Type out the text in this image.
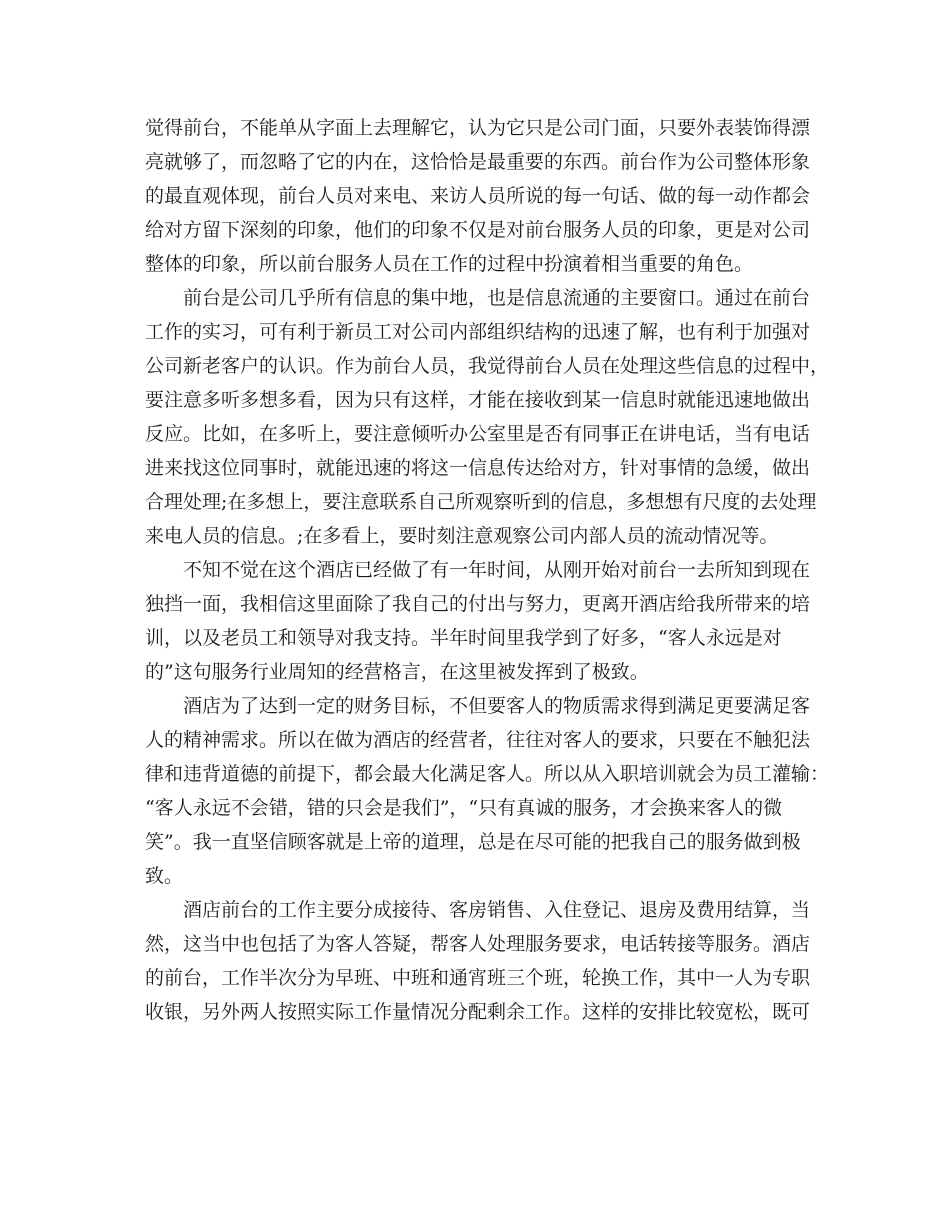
觉得前台，不能单从字面上去理解它，认为它只是公司门面，只要外表装饰得漂
亮就够了，而忽略了它的内在，这恰恰是最重要的东西。前台作为公司整体形象
的最直观体现，前台人员对来电、来访人员所说的每一句话、做的每一动作都会
给对方留下深刻的印象，他们的印象不仅是对前台服务人员的印象，更是对公司
整体的印象，所以前台服务人员在工作的过程中扮演着相当重要的角色。
前台是公司几乎所有信息的集中地，也是信息流通的主要窗口。通过在前台
工作的实习，可有利于新员工对公司内部组织结构的迅速了解，也有利于加强对
公司新老客户的认识。作为前台人员，我觉得前台人员在处理这些信息的过程中，
要注意多听多想多看，因为只有这样，才能在接收到某一信息时就能迅速地做出
反应。比如，在多听上，要注意倾听办公室里是否有同事正在讲电话，当有电话
进来找这位同事时，就能迅速的将这一信息传达给对方，针对事情的急缓，做出
合理处理;在多想上，要注意联系自己所观察听到的信息，多想想有尺度的去处理
来电人员的信息。;在多看上，要时刻注意观察公司内部人员的流动情况等。
不知不觉在这个酒店已经做了有一年时间，从刚开始对前台一去所知到现在
独挡一面，我相信这里面除了我自己的付出与努力，更离开酒店给我所带来的培
训，以及老员工和领导对我支持。半年时间里我学到了好多，“客人永远是对
的”这句服务行业周知的经营格言，在这里被发挥到了极致。
酒店为了达到一定的财务目标，不但要客人的物质需求得到满足更要满足客
人的精神需求。所以在做为酒店的经营者，往往对客人的要求，只要在不触犯法
律和违背道德的前提下，都会最大化满足客人。所以从入职培训就会为员工灌输：
“客人永远不会错，错的只会是我们”，“只有真诚的服务，才会换来客人的微
笑”。我一直坚信顾客就是上帝的道理，总是在尽可能的把我自己的服务做到极
致。
酒店前台的工作主要分成接待、客房销售、入住登记、退房及费用结算，当
然，这当中也包括了为客人答疑，帮客人处理服务要求，电话转接等服务。酒店
的前台，工作半次分为早班、中班和通宵班三个班，轮换工作，其中一人为专职
收银，另外两人按照实际工作量情况分配剩余工作。这样的安排比较宽松，既可
